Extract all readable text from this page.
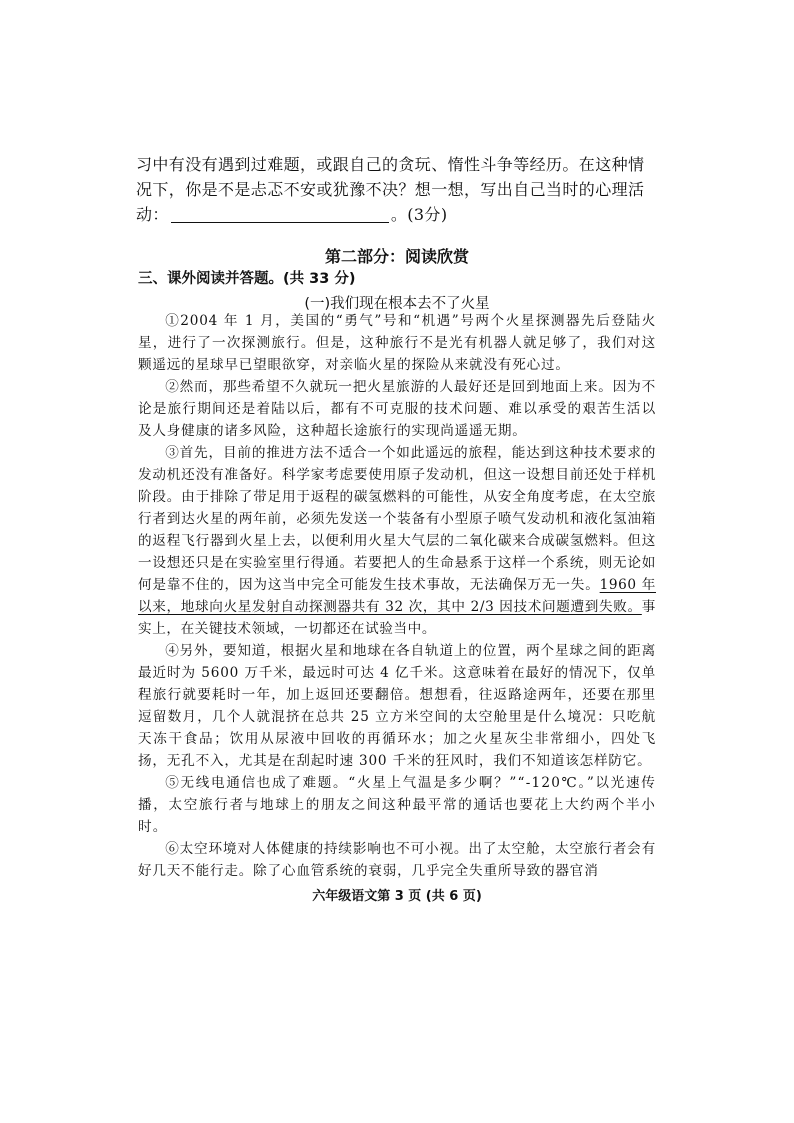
习中有没有遇到过难题，或跟自己的贪玩、惰性斗争等经历。在这种情况下，你是不是忐忑不安或犹豫不决？想一想，写出自己当时的心理活动：	。(3分)

第二部分：阅读欣赏
三、课外阅读并答题。(共 33 分)
(一)我们现在根本去不了火星

①2004 年 1 月，美国的“勇气”号和“机遇”号两个火星探测器先后登陆火星，进行了一次探测旅行。但是，这种旅行不是光有机器人就足够了，我们对这颗遥远的星球早已望眼欲穿，对亲临火星的探险从来就没有死心过。

②然而，那些希望不久就玩一把火星旅游的人最好还是回到地面上来。因为不论是旅行期间还是着陆以后，都有不可克服的技术问题、难以承受的艰苦生活以及人身健康的诸多风险，这种超长途旅行的实现尚遥遥无期。

③首先，目前的推进方法不适合一个如此遥远的旅程，能达到这种技术要求的发动机还没有准备好。科学家考虑要使用原子发动机，但这一设想目前还处于样机阶段。由于排除了带足用于返程的碳氢燃料的可能性，从安全角度考虑，在太空旅行者到达火星的两年前，必须先发送一个装备有小型原子喷气发动机和液化氢油箱的返程飞行器到火星上去，以便利用火星大气层的二氧化碳来合成碳氢燃料。但这一设想还只是在实验室里行得通。若要把人的生命悬系于这样一个系统，则无论如何是靠不住的，因为这当中完全可能发生技术事故，无法确保万无一失。1960 年以来，地球向火星发射自动探测器共有 32 次，其中 2/3 因技术问题遭到失败。事实上，在关键技术领域，一切都还在试验当中。

④另外，要知道，根据火星和地球在各自轨道上的位置，两个星球之间的距离最近时为 5600 万千米，最远时可达 4 亿千米。这意味着在最好的情况下，仅单程旅行就要耗时一年，加上返回还要翻倍。想想看，往返路途两年，还要在那里逗留数月，几个人就混挤在总共 25 立方米空间的太空舱里是什么境况：只吃航天冻干食品；饮用从尿液中回收的再循环水；加之火星灰尘非常细小，四处飞扬，无孔不入，尤其是在刮起时速 300 千米的狂风时，我们不知道该怎样防它。

⑤无线电通信也成了难题。“火星上气温是多少啊？”“-120℃。”以光速传播，太空旅行者与地球上的朋友之间这种最平常的通话也要花上大约两个半小时。

⑥太空环境对人体健康的持续影响也不可小视。出了太空舱，太空旅行者会有好几天不能行走。除了心血管系统的衰弱，几乎完全失重所导致的器官消

六年级语文第 3 页 (共 6 页)
